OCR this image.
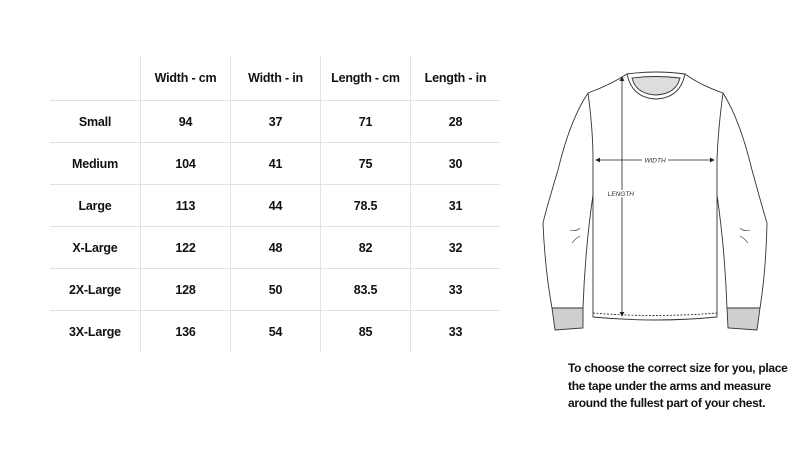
	Width - cm	Width - in	Length - cm	Length - in
Small	94	37	71	28
Medium	104	41	75	30
Large	113	44	78.5	31
X-Large	122	48	82	32
2X-Large	128	50	83.5	33
3X-Large	136	54	85	33
WIDTH
LENGTH
To choose the correct size for you, place the tape under the arms and measure around the fullest part of your chest.
